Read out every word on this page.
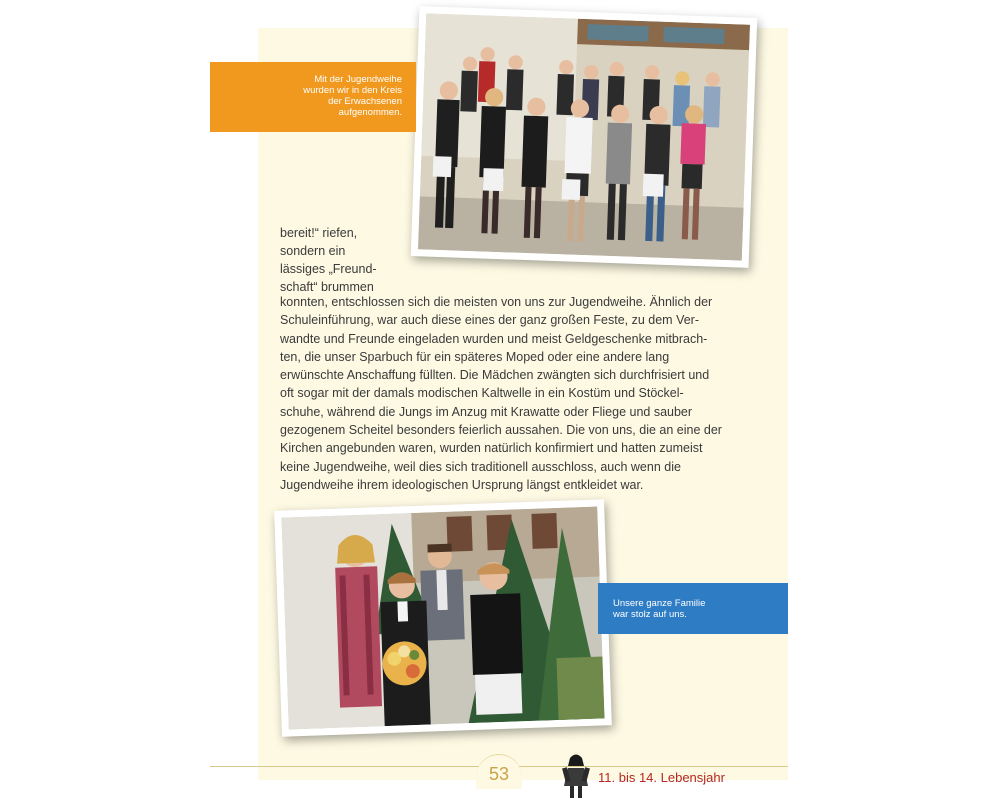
Mit der Jugendweihe
wurden wir in den Kreis
der Erwachsenen
aufgenommen.
bereit!“ riefen,
sondern ein
lässiges „Freund-
schaft“ brummen
konnten, entschlossen sich die meisten von uns zur Jugendweihe. Ähnlich der
Schuleinführung, war auch diese eines der ganz großen Feste, zu dem Ver-
wandte und Freunde eingeladen wurden und meist Geldgeschenke mitbrach-
ten, die unser Sparbuch für ein späteres Moped oder eine andere lang
erwünschte Anschaffung füllten. Die Mädchen zwängten sich durchfrisiert und
oft sogar mit der damals modischen Kaltwelle in ein Kostüm und Stöckel-
schuhe, während die Jungs im Anzug mit Krawatte oder Fliege und sauber
gezogenem Scheitel besonders feierlich aussahen. Die von uns, die an eine der
Kirchen angebunden waren, wurden natürlich konfirmiert und hatten zumeist
keine Jugendweihe, weil dies sich traditionell ausschloss, auch wenn die
Jugendweihe ihrem ideologischen Ursprung längst entkleidet war.
Unsere ganze Familie
war stolz auf uns.
53	11. bis 14. Lebensjahr
